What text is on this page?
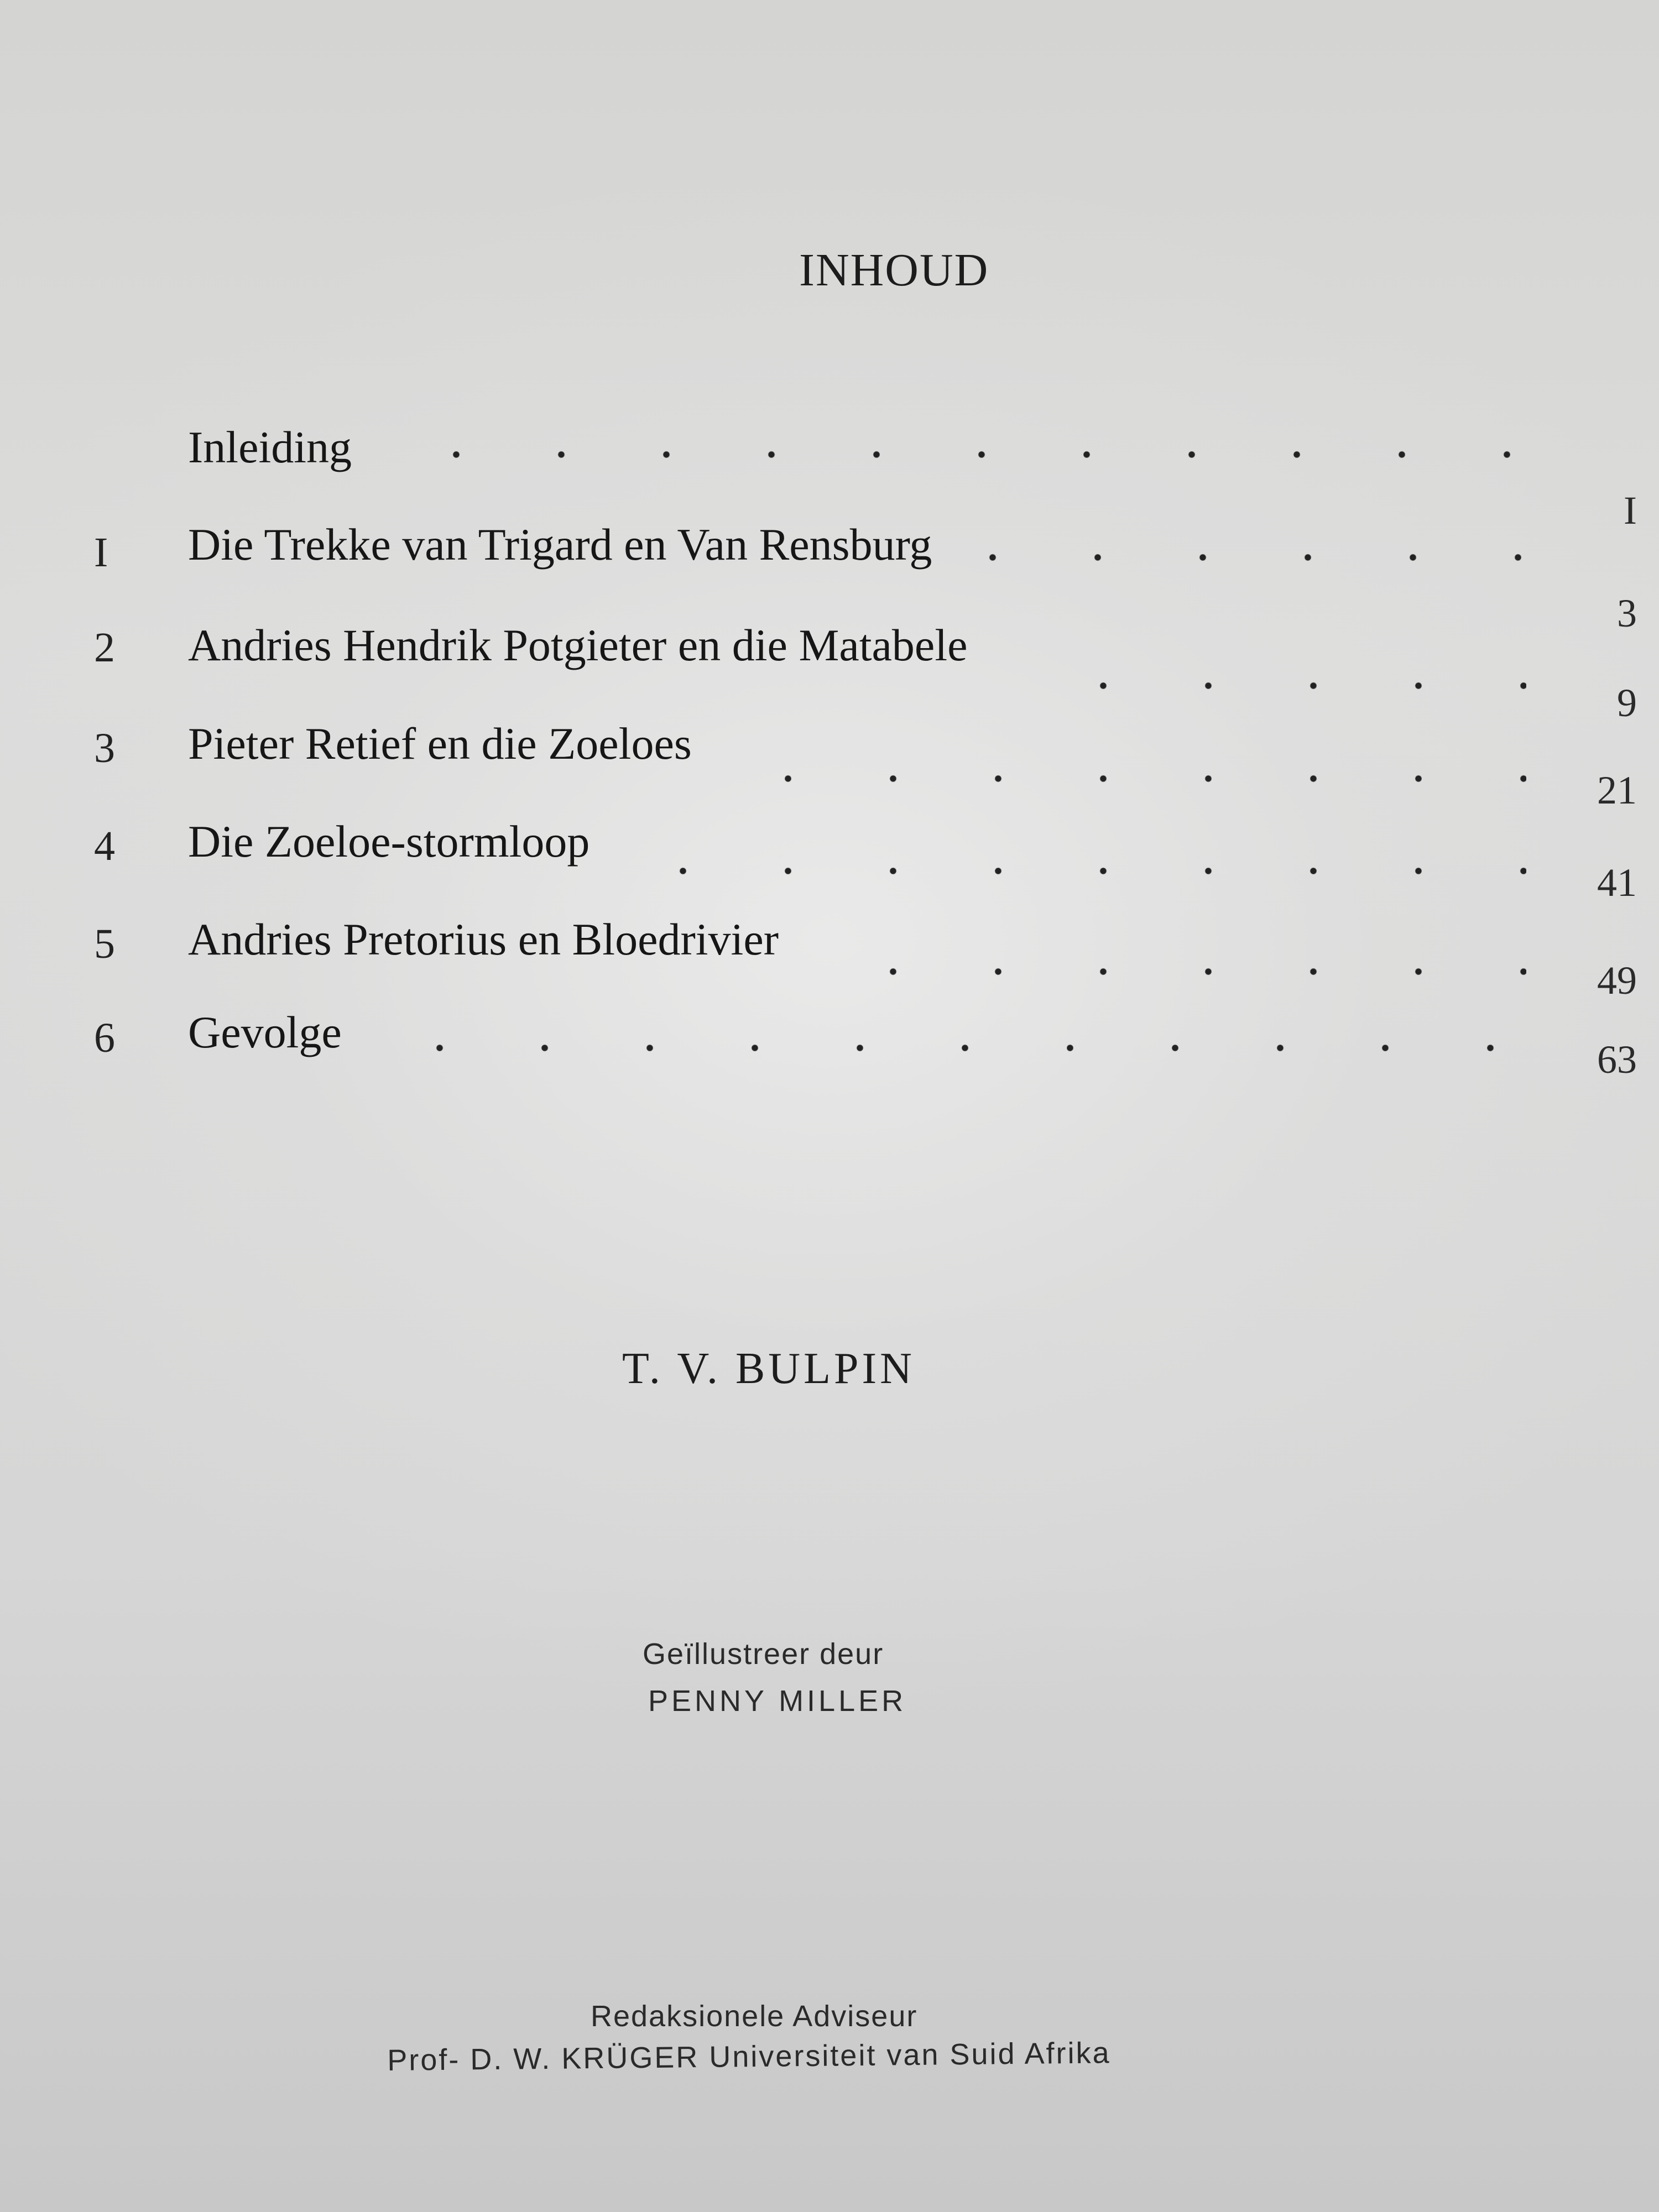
INHOUD
Inleiding
I
I Die Trekke van Trigard en Van Rensburg
3
2 Andries Hendrik Potgieter en die Matabele
9
3 Pieter Retief en die Zoeloes
21
4 Die Zoeloe-stormloop
41
5 Andries Pretorius en Bloedrivier
49
6 Gevolge
63
T. V. BULPIN
Geïllustreer deur
PENNY MILLER
Redaksionele Adviseur
Prof- D. W. KRÜGER Universiteit van Suid Afrika
